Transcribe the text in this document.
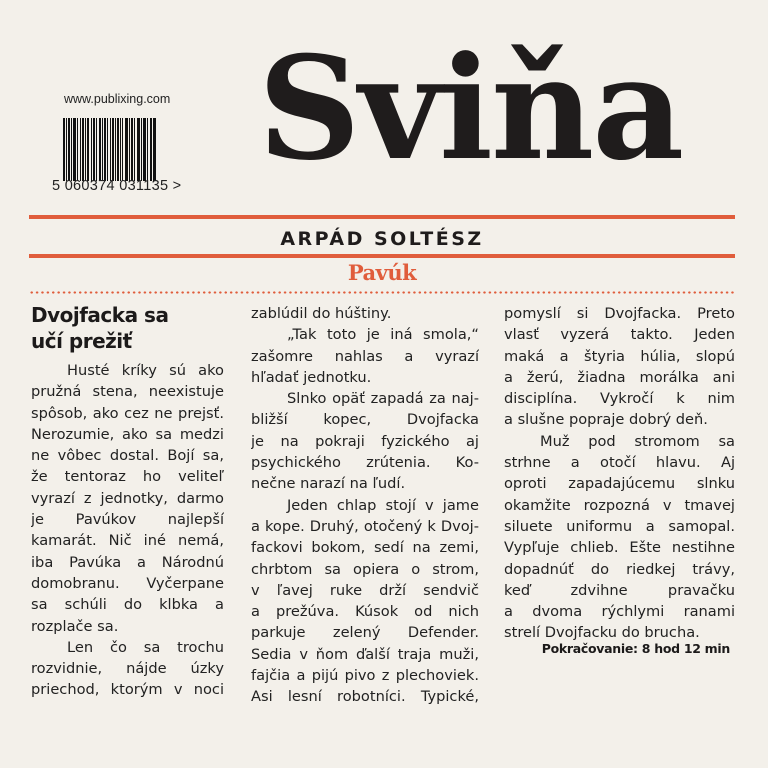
www.publixing.com
5 060374 031135 > Sviňa
ARPÁD SOLTÉSZ
Pavúk
Dvojfacka sa
učí prežiť
Husté kríky sú ako
pružná stena, neexistuje
spôsob, ako cez ne prejsť.
Nerozumie, ako sa medzi
ne vôbec dostal. Bojí sa,
že tentoraz ho veliteľ
vyrazí z jednotky, darmo
je Pavúkov najlepší
kamarát. Nič iné nemá,
iba Pavúka a Národnú
domobranu. Vyčerpane
sa schúli do klbka a
rozplače sa.
Len čo sa trochu
rozvidnie, nájde úzky
priechod, ktorým v noci
zablúdil do húštiny.
„Tak toto je iná smola,“
zašomre nahlas a vyrazí
hľadať jednotku.
Slnko opäť zapadá za naj-
bližší kopec, Dvojfacka
je na pokraji fyzického aj
psychického zrútenia. Ko-
nečne narazí na ľudí.
Jeden chlap stojí v jame
a kope. Druhý, otočený k Dvoj-
fackovi bokom, sedí na zemi,
chrbtom sa opiera o strom,
v ľavej ruke drží sendvič
a prežúva. Kúsok od nich
parkuje zelený Defender.
Sedia v ňom ďalší traja muži,
fajčia a pijú pivo z plechoviek.
Asi lesní robotníci. Typické,
pomyslí si Dvojfacka. Preto
vlasť vyzerá takto. Jeden
maká a štyria húlia, slopú
a žerú, žiadna morálka ani
disciplína. Vykročí k nim
a slušne popraje dobrý deň.
Muž pod stromom sa
strhne a otočí hlavu. Aj
oproti zapadajúcemu slnku
okamžite rozpozná v tmavej
siluete uniformu a samopal.
Vypľuje chlieb. Ešte nestihne
dopadnúť do riedkej trávy,
keď zdvihne pravačku
a dvoma rýchlymi ranami
strelí Dvojfacku do brucha.
Pokračovanie: 8 hod 12 min
